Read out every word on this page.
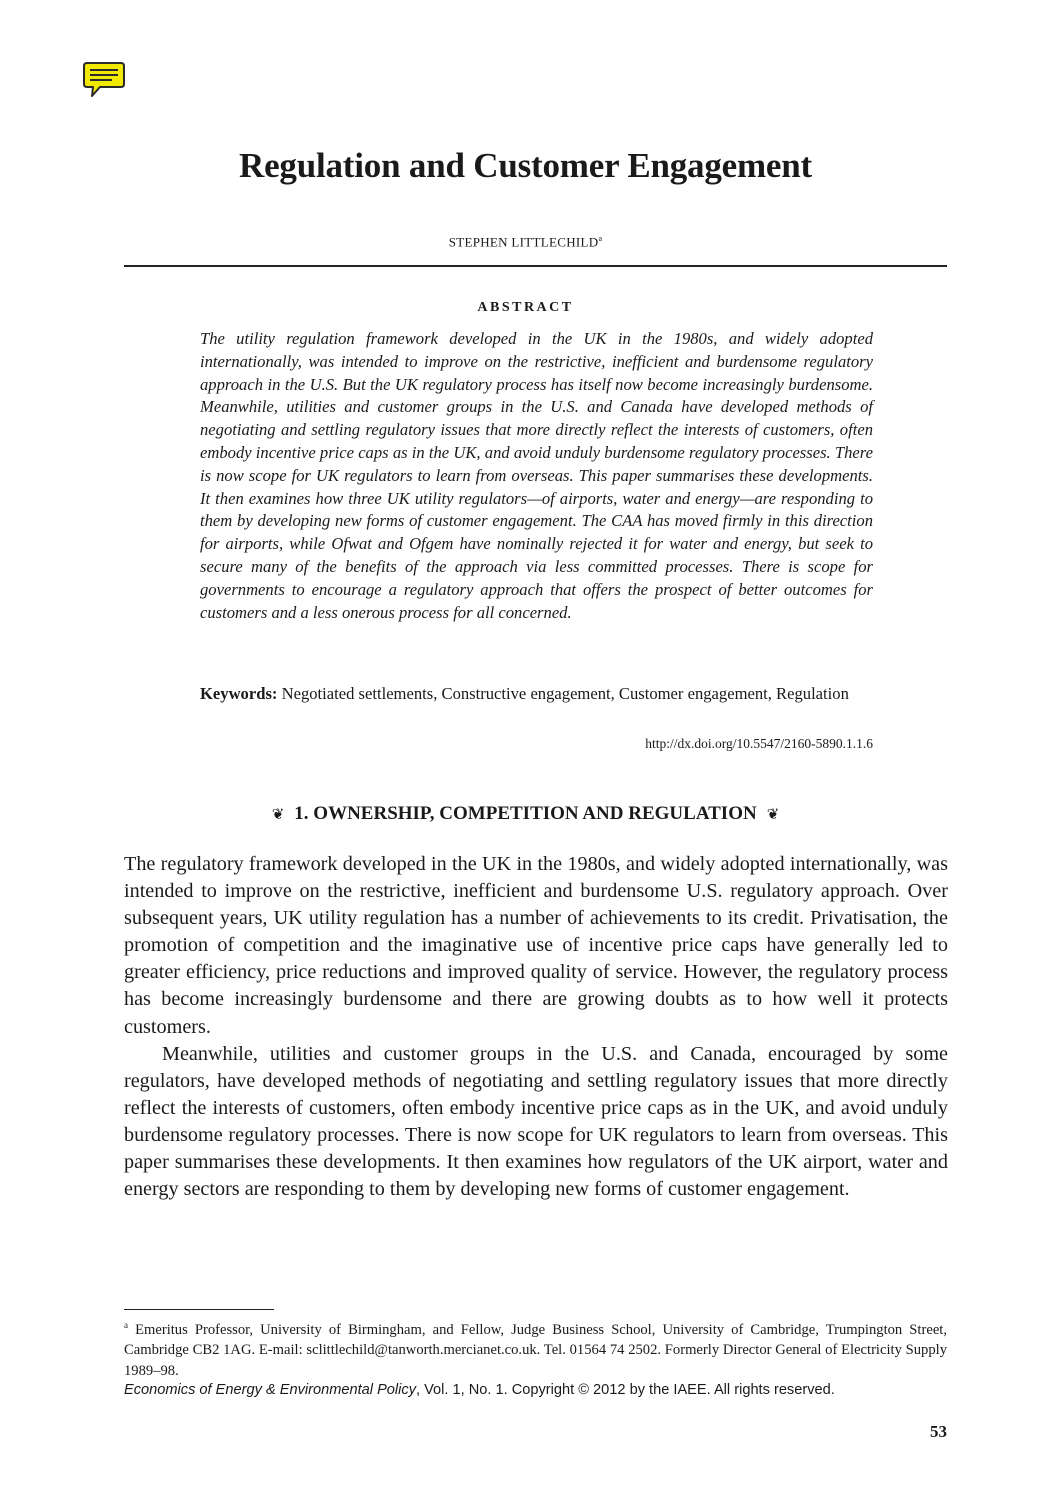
Regulation and Customer Engagement
STEPHEN LITTLECHILD$^a$
ABSTRACT

The utility regulation framework developed in the UK in the 1980s, and widely adopted internationally, was intended to improve on the restrictive, inefficient and burdensome regulatory approach in the U.S. But the UK regulatory process has itself now become increasingly burdensome. Meanwhile, utilities and customer groups in the U.S. and Canada have developed methods of negotiating and settling regulatory issues that more directly reflect the interests of customers, often embody incentive price caps as in the UK, and avoid unduly burdensome regulatory processes. There is now scope for UK regulators to learn from overseas. This paper summarises these developments. It then examines how three UK utility regulators—of airports, water and energy—are responding to them by developing new forms of customer engagement. The CAA has moved firmly in this direction for airports, while Ofwat and Ofgem have nominally rejected it for water and energy, but seek to secure many of the benefits of the approach via less committed processes. There is scope for governments to encourage a regulatory approach that offers the prospect of better outcomes for customers and a less onerous process for all concerned.

Keywords: Negotiated settlements, Constructive engagement, Customer engagement, Regulation

http://dx.doi.org/10.5547/2160-5890.1.1.6
❦ 1. OWNERSHIP, COMPETITION AND REGULATION ❦

The regulatory framework developed in the UK in the 1980s, and widely adopted internationally, was intended to improve on the restrictive, inefficient and burdensome U.S. regulatory approach. Over subsequent years, UK utility regulation has a number of achievements to its credit. Privatisation, the promotion of competition and the imaginative use of incentive price caps have generally led to greater efficiency, price reductions and improved quality of service. However, the regulatory process has become increasingly burdensome and there are growing doubts as to how well it protects customers.

Meanwhile, utilities and customer groups in the U.S. and Canada, encouraged by some regulators, have developed methods of negotiating and settling regulatory issues that more directly reflect the interests of customers, often embody incentive price caps as in the UK, and avoid unduly burdensome regulatory processes. There is now scope for UK regulators to learn from overseas. This paper summarises these developments. It then examines how regulators of the UK airport, water and energy sectors are responding to them by developing new forms of customer engagement.

$^a$ Emeritus Professor, University of Birmingham, and Fellow, Judge Business School, University of Cambridge, Trumpington Street, Cambridge CB2 1AG. E-mail: sclittlechild@tanworth.mercianet.co.uk. Tel. 01564 74 2502. Formerly Director General of Electricity Supply 1989–98.

Economics of Energy & Environmental Policy, Vol. 1, No. 1. Copyright © 2012 by the IAEE. All rights reserved.
53
